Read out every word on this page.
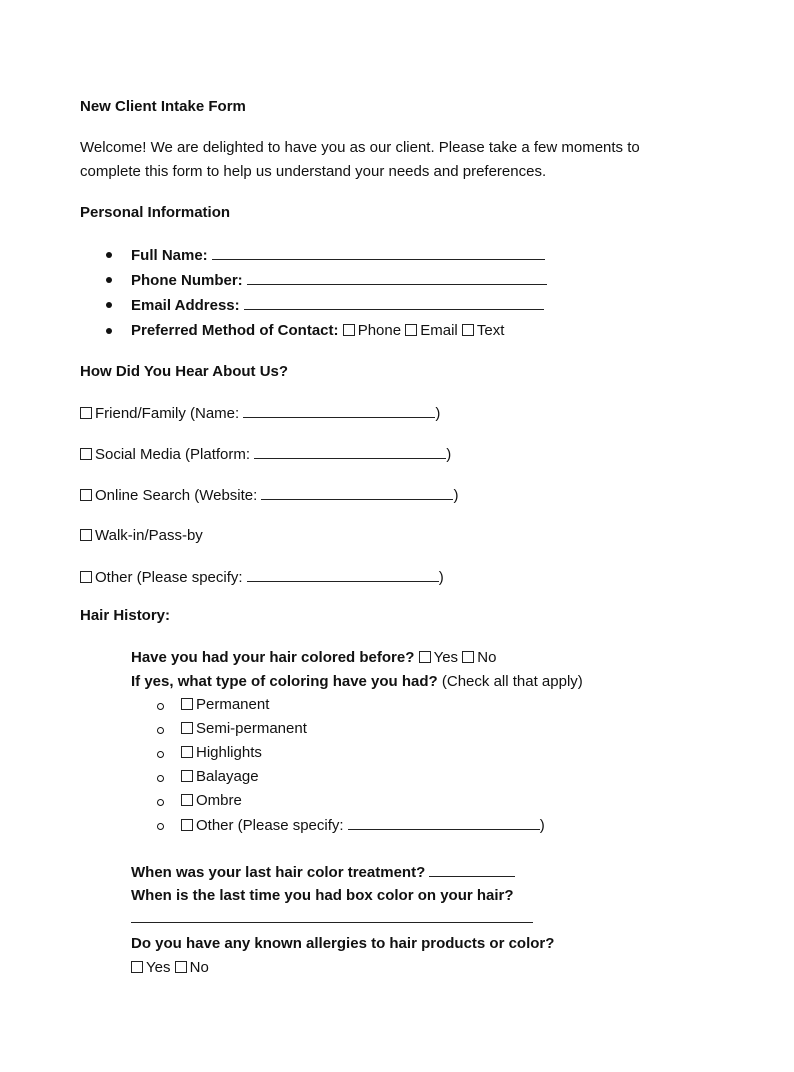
New Client Intake Form
Welcome! We are delighted to have you as our client. Please take a few moments to
complete this form to help us understand your needs and preferences.
Personal Information
Full Name:
Phone Number:
Email Address:
Preferred Method of Contact: Phone Email Text
How Did You Hear About Us?
Friend/Family (Name:	)
Social Media (Platform:	)
Online Search (Website:	)
Walk-in/Pass-by
Other (Please specify:	)
Hair History:
Have you had your hair colored before? Yes No
If yes, what type of coloring have you had? (Check all that apply)
Permanent
Semi-permanent
Highlights
Balayage
Ombre
Other (Please specify:	)
When was your last hair color treatment?
When is the last time you had box color on your hair?
Do you have any known allergies to hair products or color?
Yes No
